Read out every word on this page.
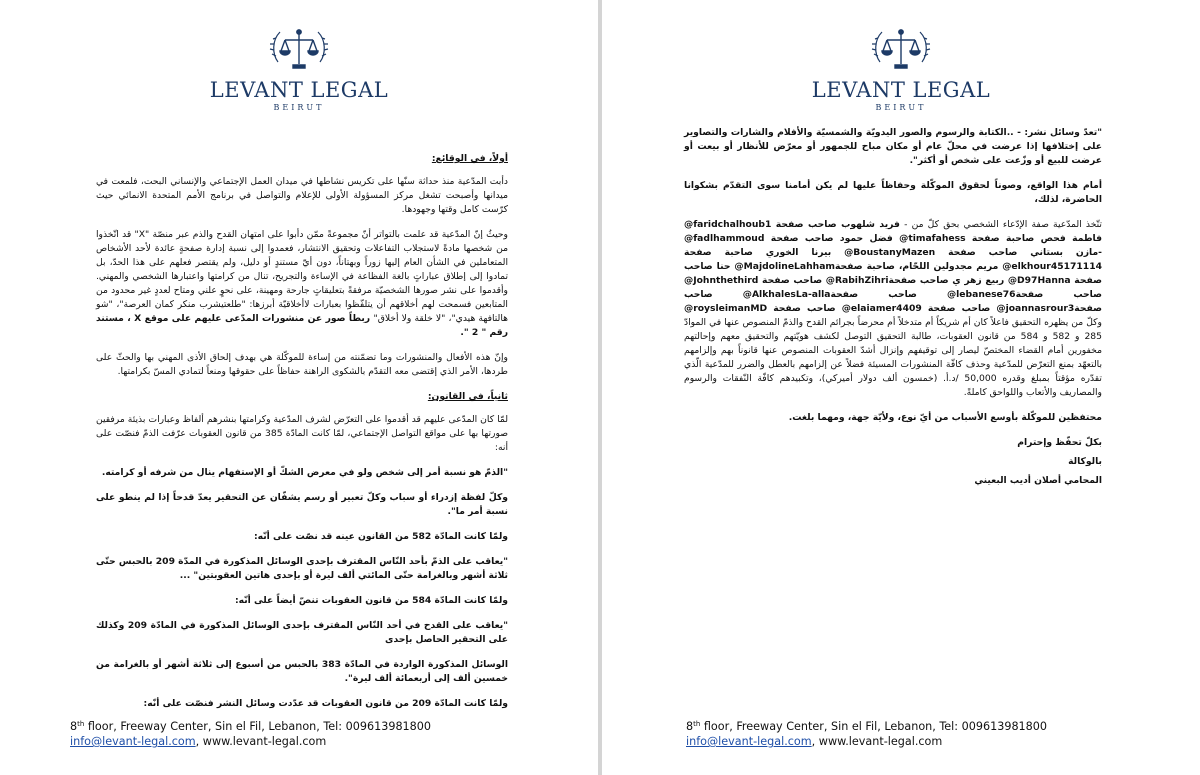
LEVANT LEGAL
BEIRUT

أولاً، في الوقائع:

دأبت المدّعية منذ حداثة سنّها على تكريس نشاطها في ميدان العمل الإجتماعي والإنساني البحت، فلمعت في ميدانها وأصبحت تشغل مركز المسؤولة الأولى للإعلام والتواصل في برنامج الأمم المتحدة الانمائي حيث كرّست كامل وقتها وجهودها.

وحيثُ إنّ المدّعية قد علمت بالتواتر أنّ مجموعةً ممّن دأبوا على امتهان القدح والذم عبر منصّة "X" قد اتّخذوا من شخصها مادةً لاستجلاب التفاعلات وتحقيق الانتشار، فعمدوا إلى نسبة إدارة صفحةٍ عائدة لأحد الأشخاص المتعاملين في الشأن العام إليها زوراً وبهتاناً، دون أيّ مستندٍ أو دليل، ولم يقتصر فعلهم على هذا الحدّ، بل تمادوا إلى إطلاق عباراتٍ بالغة الفظاعة في الإساءة والتجريح، تنال من كرامتها واعتبارها الشخصي والمهني. وأقدموا على نشر صورها الشخصيّة مرفقةً بتعليقاتٍ جارحة ومهينة، على نحوٍ علني ومتاح لعددٍ غير محدود من المتابعين فسمحت لهم أخلاقهم أن يتلفّظوا بعبارات لاأخلاقيّة أبرزها: "طلعتيشرب منكر كمان العرصة"، "شو هالتافهة هيدي"، "لا خلقة ولا أخلاق" ربطاً صور عن منشورات المدّعى عليهم على موقع X ، مستند رقم " 2 ".

وإنّ هذه الأفعال والمنشورات وما تضمّنته من إساءة للموكّلة هي بهدف إلحاق الأذى المهني بها والحثّ على طردها، الأمر الذي إقتضى معه التقدّم بالشكوى الراهنة حفاظاً على حقوقها ومنعاً لتمادي المسّ بكرامتها.

ثانياً، في القانون:

لمّا كان المدّعى عليهم قد أقدموا على التعرّض لشرف المدّعية وكرامتها بنشرهم ألفاظ وعبارات بذيئة مرفقين صورتها بها على مواقع التواصل الإجتماعي، لمّا كانت المادّة 385 من قانون العقوبات عرّفت الذمّ فنصّت على أنه:

"الذمّ هو نسبة أمر إلى شخص ولو في معرض الشكّ أو الإستفهام ينال من شرفه أو كرامته.

وكلّ لفظة إزدراء أو سباب وكلّ تعبير أو رسم يشفّان عن التحقير يعدّ قدحاً إذا لم ينطو على نسبة أمر ما".

ولمّا كانت المادّة 582 من القانون عينه قد نصّت على أنّه:

"يعاقب على الذمّ بأحد النّاس المقترف بإحدى الوسائل المذكورة في المدّة 209 بالحبس حتّى ثلاثة أشهر وبالغرامة حتّى المائتي ألف ليرة أو بإحدى هاتين العقوبتين" ...

ولمّا كانت المادّة 584 من قانون العقوبات تنصّ أيضاً على أنّه:

"يعاقب على القدح في أحد النّاس المقترف بإحدى الوسائل المذكورة في المادّة 209 وكذلك على التحقير الحاصل بإحدى

الوسائل المذكورة الواردة في المادّة 383 بالحبس من أسبوع إلى ثلاثة أشهر أو بالغرامة من خمسين ألف إلى أربعمائة ألف ليرة".

ولمّا كانت المادّة 209 من قانون العقوبات قد عدّدت وسائل النشر فنصّت على أنّه:

8th floor, Freeway Center, Sin el Fil, Lebanon, Tel: 009613981800
info@levant-legal.com, www.levant-legal.com
LEVANT LEGAL
BEIRUT

"تعدّ وسائل نشر: - ..الكتابة والرسوم والصور اليدويّة والشمسيّة والأفلام والشارات والتصاوير على إختلافها إذا عرضت في محلّ عام أو مكان مباح للجمهور أو معرّض للأنظار أو بيعت أو عرضت للبيع أو وزّعت على شخص أو أكثر".

أمام هذا الواقع، وصوناً لحقوق الموكّلة وحفاظاً عليها لم يكن أمامنا سوى التقدّم بشكوانا الحاضرة، لذلك،

تتّخذ المدّعية صفة الإدّعاء الشخصي بحق كلّ من - فريد شلهوب صاحب صفحة faridchalhoub1@ فاطمة فحص صاحبة صفحة timafahess@ فضل حمود صاحب صفحة fadlhammoud@ -مازن بستاني صاحب صفحة BoustanyMazen@ بيرنا الخوري صاحبة صفحة elkhour45171114@ مريم مجدولين اللحّام، صاحبة صفحةMajdolineLahham@ حنا صاحب صفحة D97Hanna@ ربيع زهر ي صاحب صفحةRabihZihri@ صاحب صفحة Johnthethird@ صاحب صفحةlebanese76@ صاحب صفحةAlkhalesLa-alla@ صاحب صفحةjoannasrour3@ صاحب صفحة elaiamer4409@ صاحب صفحة roysleimanMD@ وكلّ من يظهره التحقيق فاعلاً كان أم شريكاً أم متدخلاً أم محرضاً بجرائم القدح والذمّ المنصوص عنها في الموادّ 285 و 582 و 584 من قانون العقوبات، طالبة التحقيق التوصل لكشف هويّتهم والتحقيق معهم وإحالتهم مخفورين أمام القضاء المختصّ ليصار إلى توقيفهم وإنزال أشدّ العقوبات المنصوص عنها قانوناً بهم وإلزامهم بالتعهّد بمنع التعرّض للمدّعية وحذف كافّة المنشورات المسيئة فضلاً عن إلزامهم بالعطل والضرر للمدّعية الّذي تقدّره مؤقتاً بمبلغ وقدره 50,000 /د.أ. (خمسون ألف دولار أميركي)، وتكبيدهم كافّة النّفقات والرسوم والمصاريف والأتعاب واللواحق كاملةً.

محتفظين للموكّلة بأوسع الأسباب من أيّ نوع، ولأيّة جهة، ومهما بلغت.

بكلّ تحفّظ وإحترام

بالوكالة

المحامي أصلان أديب البعيني

8th floor, Freeway Center, Sin el Fil, Lebanon, Tel: 009613981800
info@levant-legal.com, www.levant-legal.com
